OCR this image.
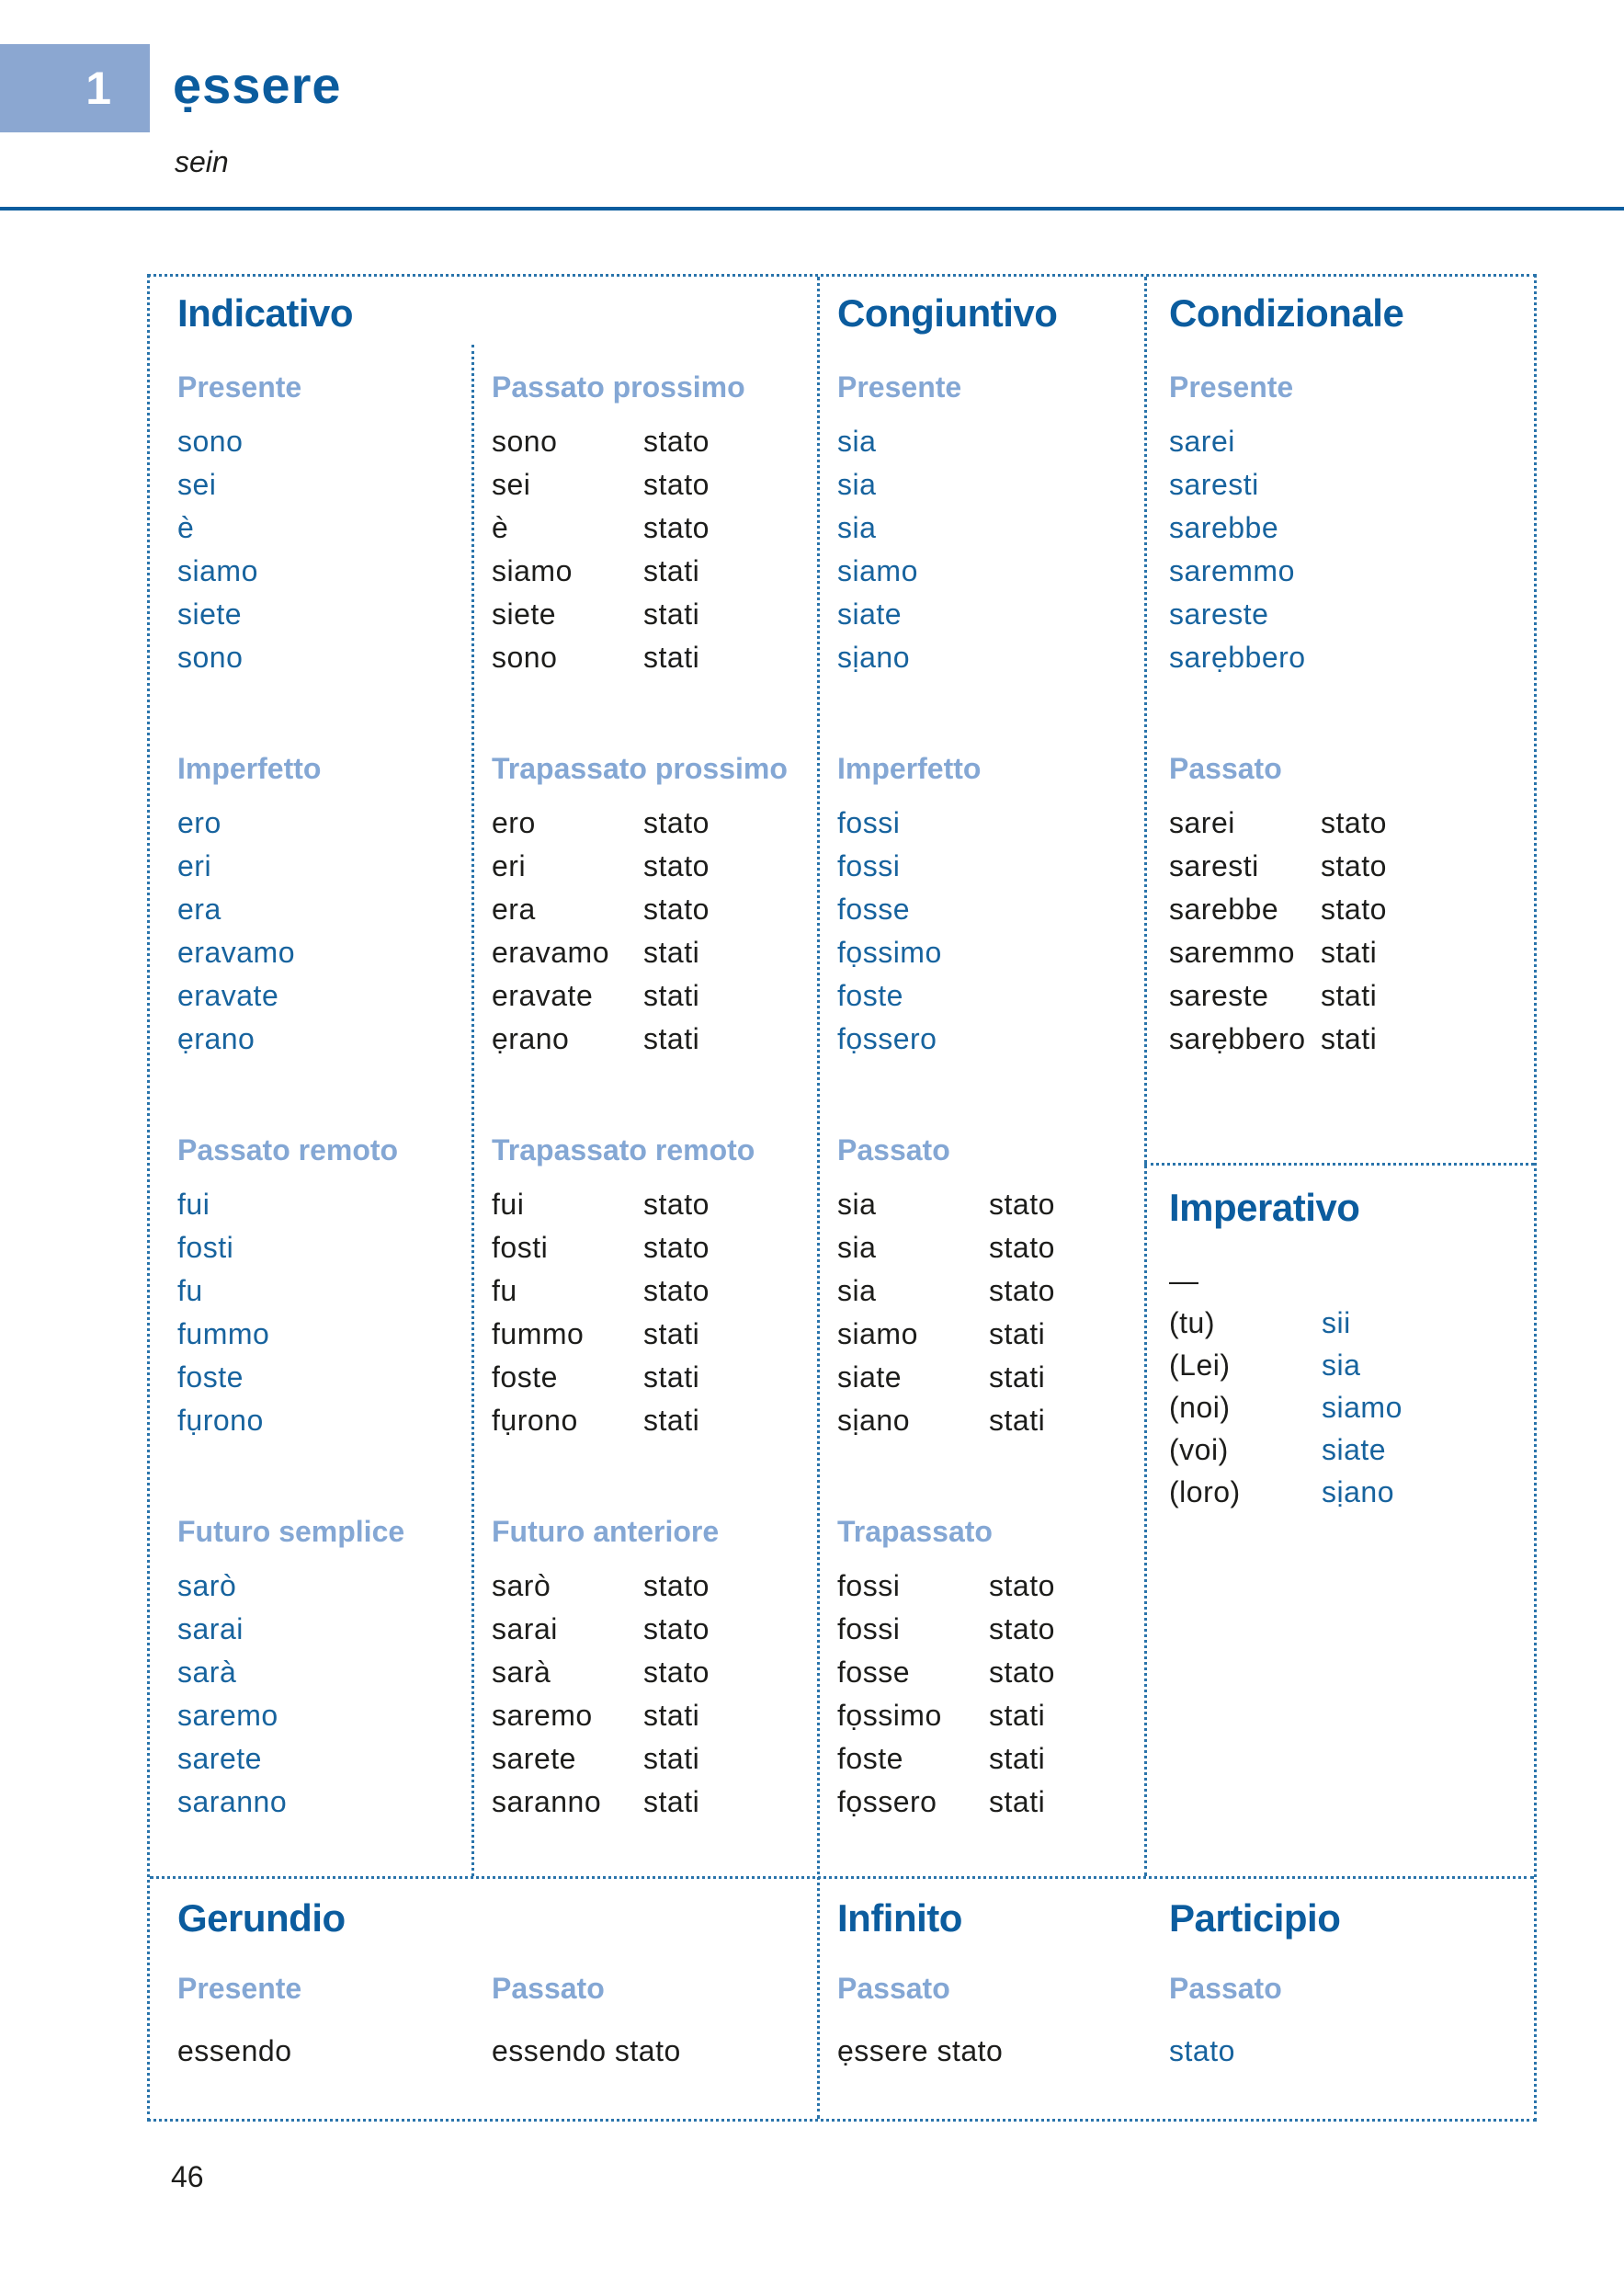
1 ẹssere
sein
Indicativo	Congiuntivo	Condizionale
Presente
sono
sei
è
siamo
siete
sono
Passato prossimo
sono	stato
sei	stato
è	stato
siamo stati
siete	stati
sono	stati
Presente
sia
sia
sia
siamo
siate
sịano
Presente
sarei
saresti
sarebbe
saremmo
sareste
sarẹbbero
Imperfetto
ero
eri
era
eravamo
eravate
ẹrano
Trapassato prossimo
ero	stato
eri	stato
era	stato
eravamo stati
eravate stati
ẹrano	stati
Imperfetto
fossi
fossi
fosse
fọssimo
foste
fọssero
Passato
sarei	stato
saresti stato
sarebbe stato
saremmo stati
sareste stati
sarẹbbero stati
Passato remoto
fui
fosti
fu
fummo
foste
fụrono
Trapassato remoto
fui	stato
fosti	stato
fu	stato
fummo stati
foste	stati
fụrono stati
Passato
sia	stato
sia	stato
sia	stato
siamo stati
siate	stati
sịano	stati
Imperativo
—
(tu)	sii
(Lei)	sia
(noi)	siamo
(voi)	siate
(loro)	sịano
Futuro semplice
sarò
sarai
sarà
saremo
sarete
saranno
Futuro anteriore
sarò	stato
sarai	stato
sarà	stato
saremo stati
sarete stati
saranno stati
Trapassato
fossi	stato
fossi	stato
fosse	stato
fọssimo stati
foste	stati
fọssero stati
Gerundio
Presente
essendo
Passato
essendo stato
Infinito
Passato
ẹssere stato
Participio
Passato
stato
46
